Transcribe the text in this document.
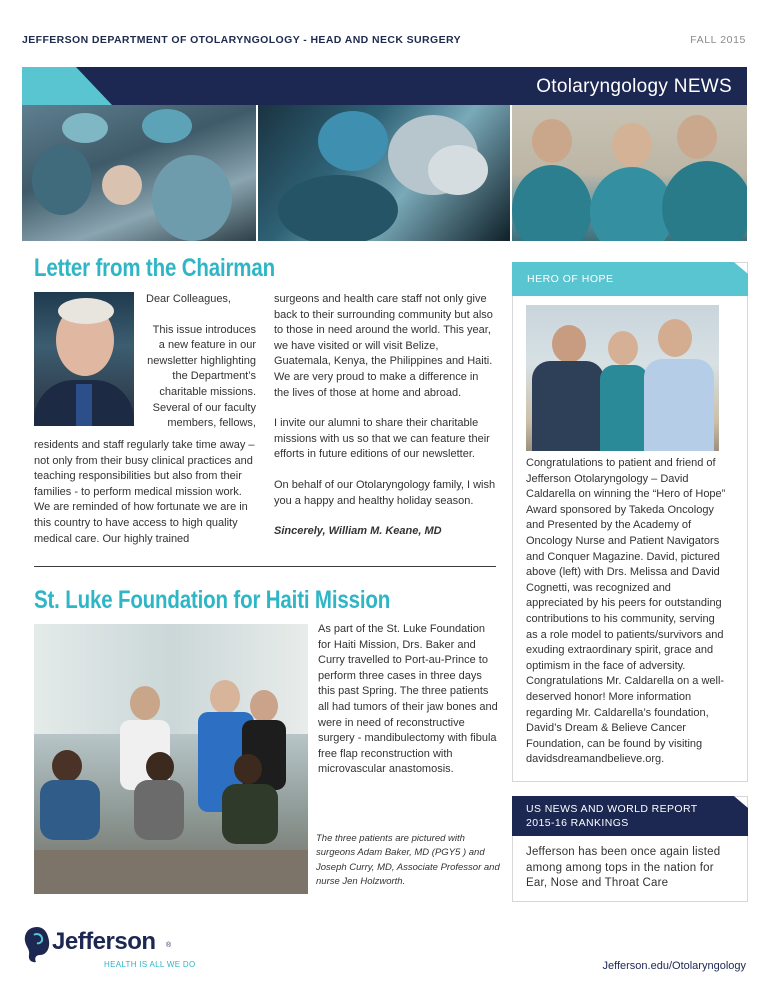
JEFFERSON DEPARTMENT OF OTOLARYNGOLOGY - HEAD AND NECK SURGERY	FALL 2015
Otolaryngology NEWS
Letter from the Chairman

Dear Colleagues,

This issue introduces a new feature in our newsletter highlighting the Department’s charitable missions. Several of our faculty members, fellows,

residents and staff regularly take time away – not only from their busy clinical practices and teaching responsibilities but also from their families - to perform medical mission work. We are reminded of how fortunate we are in this country to have access to high quality medical care. Our highly trained

surgeons and health care staff not only give back to their surrounding community but also to those in need around the world. This year, we have visited or will visit Belize, Guatemala, Kenya, the Philippines and Haiti. We are very proud to make a difference in the lives of those at home and abroad.

I invite our alumni to share their charitable missions with us so that we can feature their efforts in future editions of our newsletter.

On behalf of our Otolaryngology family, I wish you a happy and healthy holiday season.

Sincerely, William M. Keane, MD

St. Luke Foundation for Haiti Mission
As part of the St. Luke Foundation for Haiti Mission, Drs. Baker and Curry travelled to Port-au-Prince to perform three cases in three days this past Spring. The three patients all had tumors of their jaw bones and were in need of reconstructive surgery - mandibulectomy with fibula free flap reconstruction with microvascular anastomosis.
The three patients are pictured with surgeons Adam Baker, MD (PGY5 ) and Joseph Curry, MD, Associate Professor and nurse Jen Holzworth.
HERO OF HOPE
Congratulations to patient and friend of Jefferson Otolaryngology – David Caldarella on winning the “Hero of Hope” Award sponsored by Takeda Oncology and Presented by the Academy of Oncology Nurse and Patient Navigators and Conquer Magazine. David, pictured above (left) with Drs. Melissa and David Cognetti, was recognized and appreciated by his peers for outstanding contributions to his community, serving as a role model to patients/survivors and exuding extraordinary spirit, grace and optimism in the face of adversity. Congratulations Mr. Caldarella on a well-deserved honor! More information regarding Mr. Caldarella’s foundation, David’s Dream & Believe Cancer Foundation, can be found by visiting davidsdreamandbelieve.org.
US NEWS AND WORLD REPORT 2015-16 RANKINGS
Jefferson has been once again listed among among tops in the nation for Ear, Nose and Throat Care
Jefferson ®
HEALTH IS ALL WE DO	Jefferson.edu/Otolaryngology
